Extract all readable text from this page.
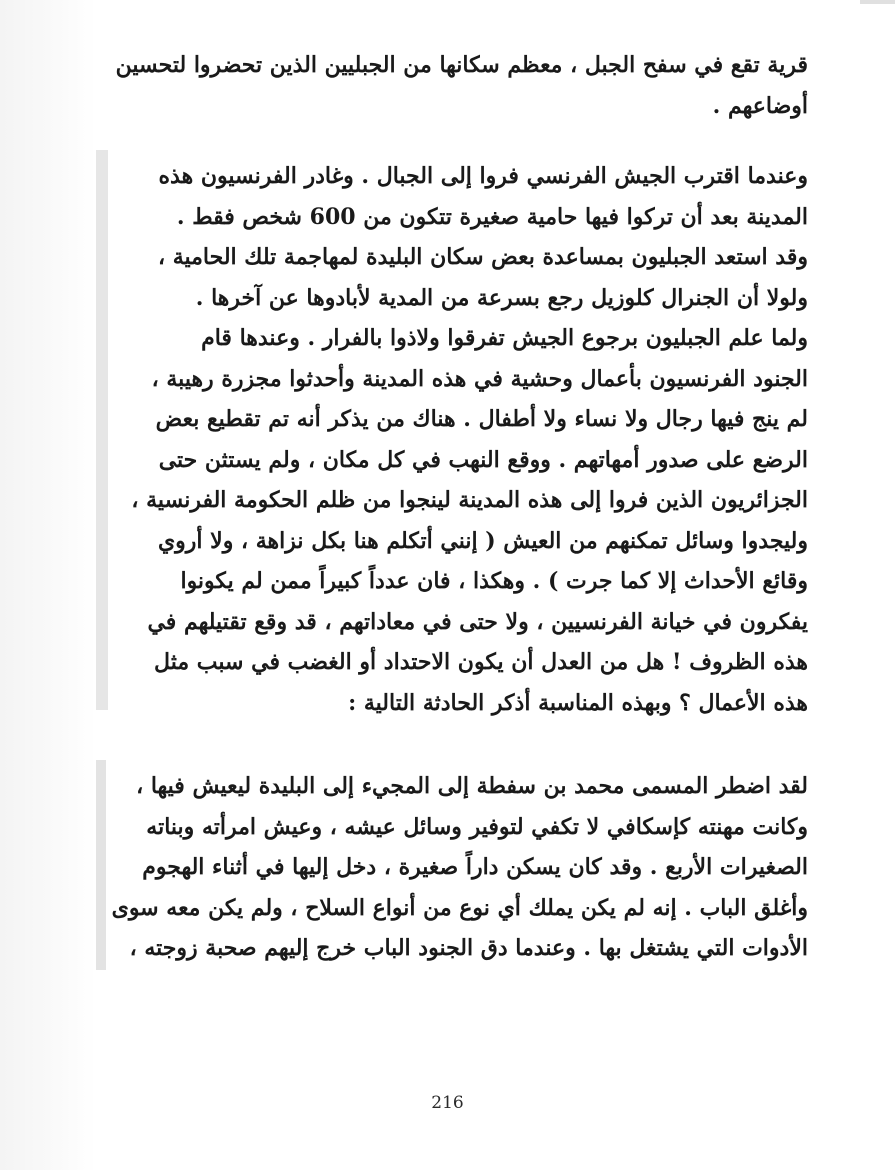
قرية تقع في سفح الجبل ، معظم سكانها من الجبليين الذين تحضروا لتحسين
أوضاعهم .

وعندما اقترب الجيش الفرنسي فروا إلى الجبال . وغادر الفرنسيون هذه
المدينة بعد أن تركوا فيها حامية صغيرة تتكون من 600 شخص فقط .
وقد استعد الجبليون بمساعدة بعض سكان البليدة لمهاجمة تلك الحامية ،
ولولا أن الجنرال كلوزيل رجع بسرعة من المدية لأبادوها عن آخرها .
ولما علم الجبليون برجوع الجيش تفرقوا ولاذوا بالفرار . وعندها قام
الجنود الفرنسيون بأعمال وحشية في هذه المدينة وأحدثوا مجزرة رهيبة ،
لم ينج فيها رجال ولا نساء ولا أطفال . هناك من يذكر أنه تم تقطيع بعض
الرضع على صدور أمهاتهم . ووقع النهب في كل مكان ، ولم يستثن حتى
الجزائريون الذين فروا إلى هذه المدينة لينجوا من ظلم الحكومة الفرنسية ،
وليجدوا وسائل تمكنهم من العيش ( إنني أتكلم هنا بكل نزاهة ، ولا أروي
وقائع الأحداث إلا كما جرت ) . وهكذا ، فان عدداً كبيراً ممن لم يكونوا
يفكرون في خيانة الفرنسيين ، ولا حتى في معاداتهم ، قد وقع تقتيلهم في
هذه الظروف ! هل من العدل أن يكون الاحتداد أو الغضب في سبب مثل
هذه الأعمال ؟ وبهذه المناسبة أذكر الحادثة التالية :

لقد اضطر المسمى محمد بن سفطة إلى المجيء إلى البليدة ليعيش فيها ،
وكانت مهنته كإسكافي لا تكفي لتوفير وسائل عيشه ، وعيش امرأته وبناته
الصغيرات الأربع . وقد كان يسكن داراً صغيرة ، دخل إليها في أثناء الهجوم
وأغلق الباب . إنه لم يكن يملك أي نوع من أنواع السلاح ، ولم يكن معه سوى
الأدوات التي يشتغل بها . وعندما دق الجنود الباب خرج إليهم صحبة زوجته ،

216
